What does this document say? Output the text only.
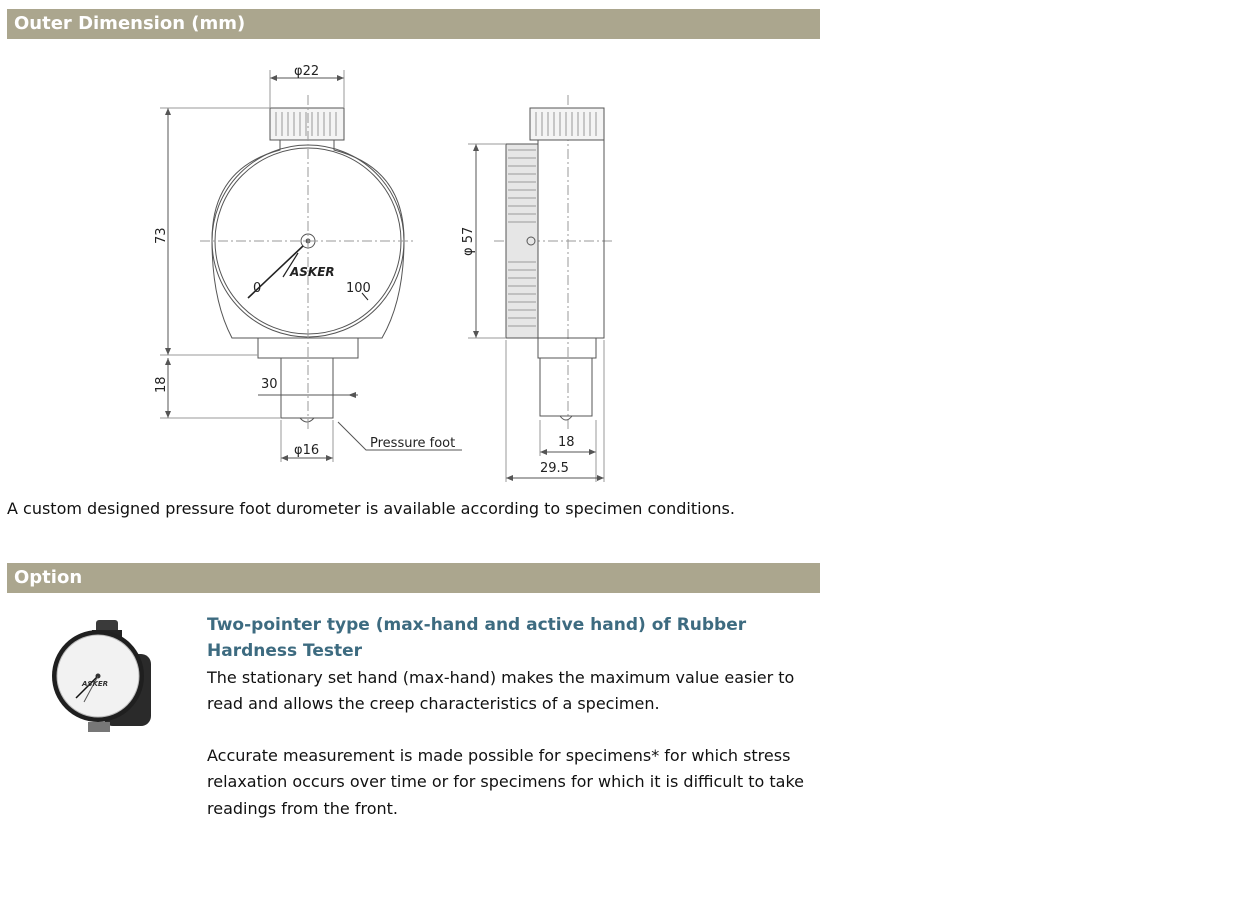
Outer Dimension (mm)
φ22
73
18	30
φ16	Pressure foot
φ 57
18
29.5
0	100
ASKER
A custom designed pressure foot durometer is available according to specimen conditions.
Option
ASKER

Two-pointer type (max-hand and active hand) of Rubber Hardness Tester

The stationary set hand (max-hand) makes the maximum value easier to read and allows the creep characteristics of a specimen.

Accurate measurement is made possible for specimens* for which stress relaxation occurs over time or for specimens for which it is difficult to take readings from the front.
